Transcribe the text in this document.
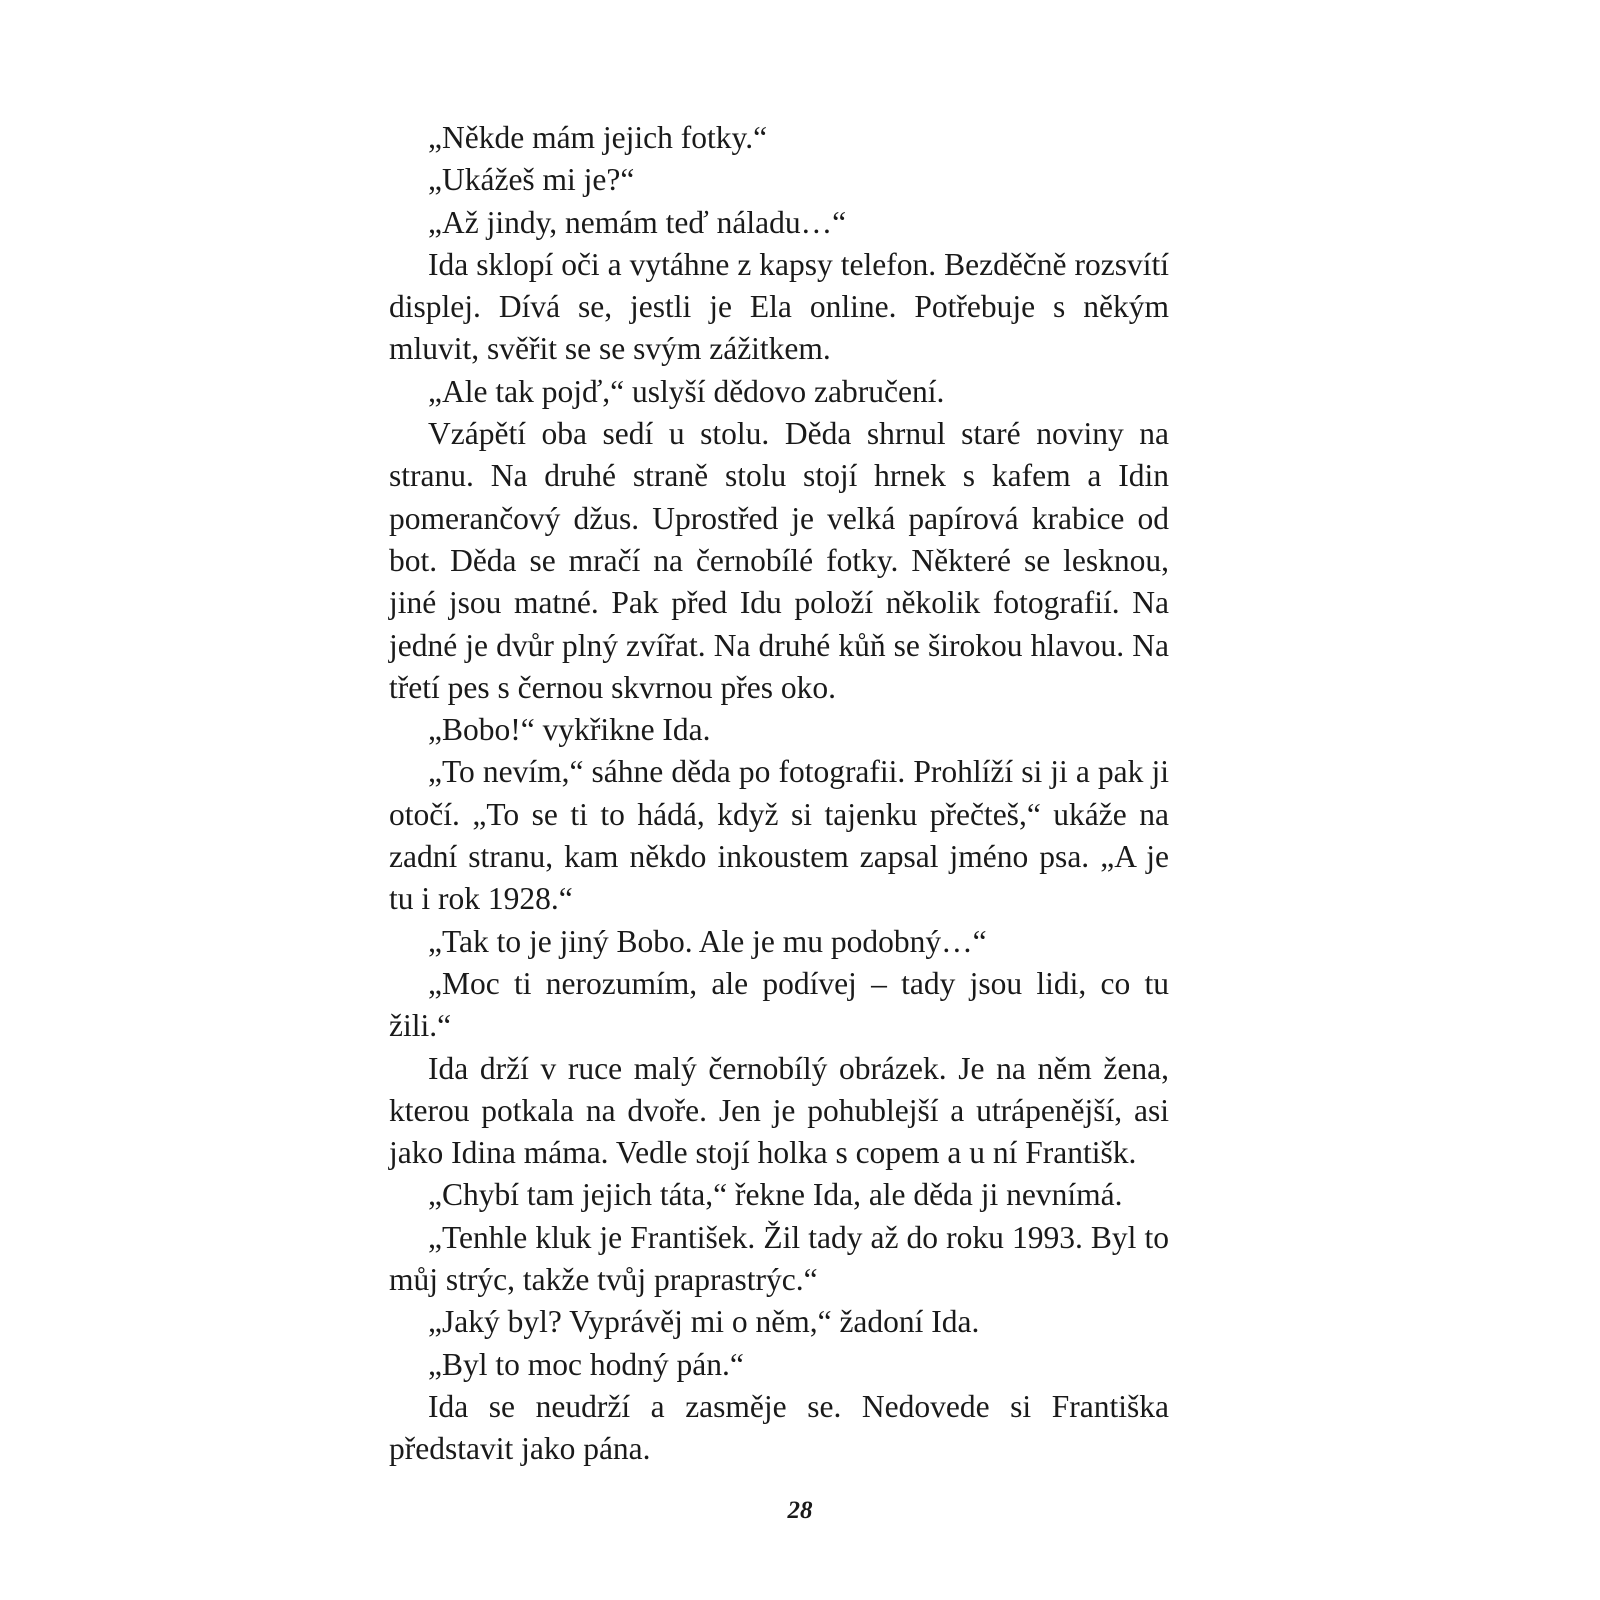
„Někde mám jejich fotky.“

„Ukážeš mi je?“

„Až jindy, nemám teď náladu…“

Ida sklopí oči a vytáhne z kapsy telefon. Bezděčně rozsvítí displej. Dívá se, jestli je Ela online. Potřebuje s někým mluvit, svěřit se se svým zážitkem.

„Ale tak pojď,“ uslyší dědovo zabručení.

Vzápětí oba sedí u stolu. Děda shrnul staré noviny na stranu. Na druhé straně stolu stojí hrnek s kafem a Idin pomerančový džus. Uprostřed je velká papírová krabice od bot. Děda se mračí na černobílé fotky. Některé se lesknou, jiné jsou matné. Pak před Idu položí několik fotografií. Na jedné je dvůr plný zvířat. Na druhé kůň se širokou hlavou. Na třetí pes s černou skvrnou přes oko.

„Bobo!“ vykřikne Ida.

„To nevím,“ sáhne děda po fotografii. Prohlíží si ji a pak ji otočí. „To se ti to hádá, když si tajenku přečteš,“ ukáže na zadní stranu, kam někdo inkoustem zapsal jméno psa. „A je tu i rok 1928.“

„Tak to je jiný Bobo. Ale je mu podobný…“

„Moc ti nerozumím, ale podívej – tady jsou lidi, co tu žili.“

Ida drží v ruce malý černobílý obrázek. Je na něm žena, kterou potkala na dvoře. Jen je pohublejší a utrápenější, asi jako Idina máma. Vedle stojí holka s copem a u ní Františk.

„Chybí tam jejich táta,“ řekne Ida, ale děda ji nevnímá.

„Tenhle kluk je František. Žil tady až do roku 1993. Byl to můj strýc, takže tvůj praprastrýc.“

„Jaký byl? Vyprávěj mi o něm,“ žadoní Ida.

„Byl to moc hodný pán.“

Ida se neudrží a zasměje se. Nedovede si Františka představit jako pána.

28
